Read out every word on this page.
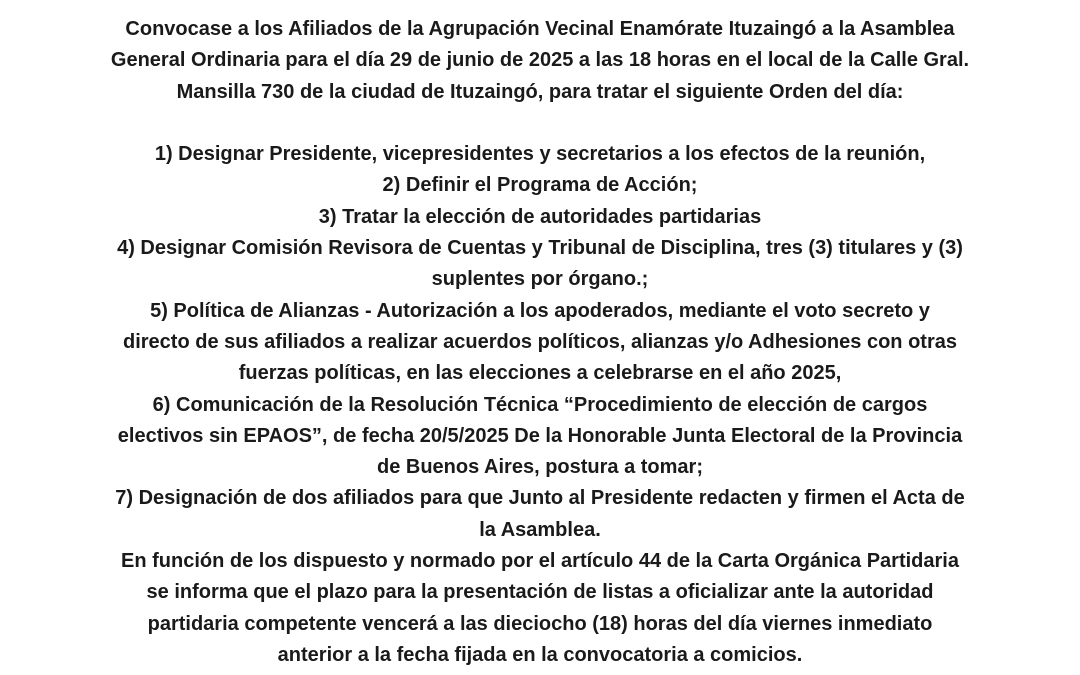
Convocase a los Afiliados de la Agrupación Vecinal Enamórate Ituzaingó a la Asamblea
General Ordinaria para el día 29 de junio de 2025 a las 18 horas en el local de la Calle Gral.
Mansilla 730 de la ciudad de Ituzaingó, para tratar el siguiente Orden del día:
1) Designar Presidente, vicepresidentes y secretarios a los efectos de la reunión,
2) Definir el Programa de Acción;
3) Tratar la elección de autoridades partidarias
4) Designar Comisión Revisora de Cuentas y Tribunal de Disciplina, tres (3) titulares y (3)
suplentes por órgano.;
5) Política de Alianzas - Autorización a los apoderados, mediante el voto secreto y
directo de sus afiliados a realizar acuerdos políticos, alianzas y/o Adhesiones con otras
fuerzas políticas, en las elecciones a celebrarse en el año 2025,
6) Comunicación de la Resolución Técnica “Procedimiento de elección de cargos
electivos sin EPAOS”, de fecha 20/5/2025 De la Honorable Junta Electoral de la Provincia
de Buenos Aires, postura a tomar;
7) Designación de dos afiliados para que Junto al Presidente redacten y firmen el Acta de
la Asamblea.
En función de los dispuesto y normado por el artículo 44 de la Carta Orgánica Partidaria
se informa que el plazo para la presentación de listas a oficializar ante la autoridad
partidaria competente vencerá a las dieciocho (18) horas del día viernes inmediato
anterior a la fecha fijada en la convocatoria a comicios.
